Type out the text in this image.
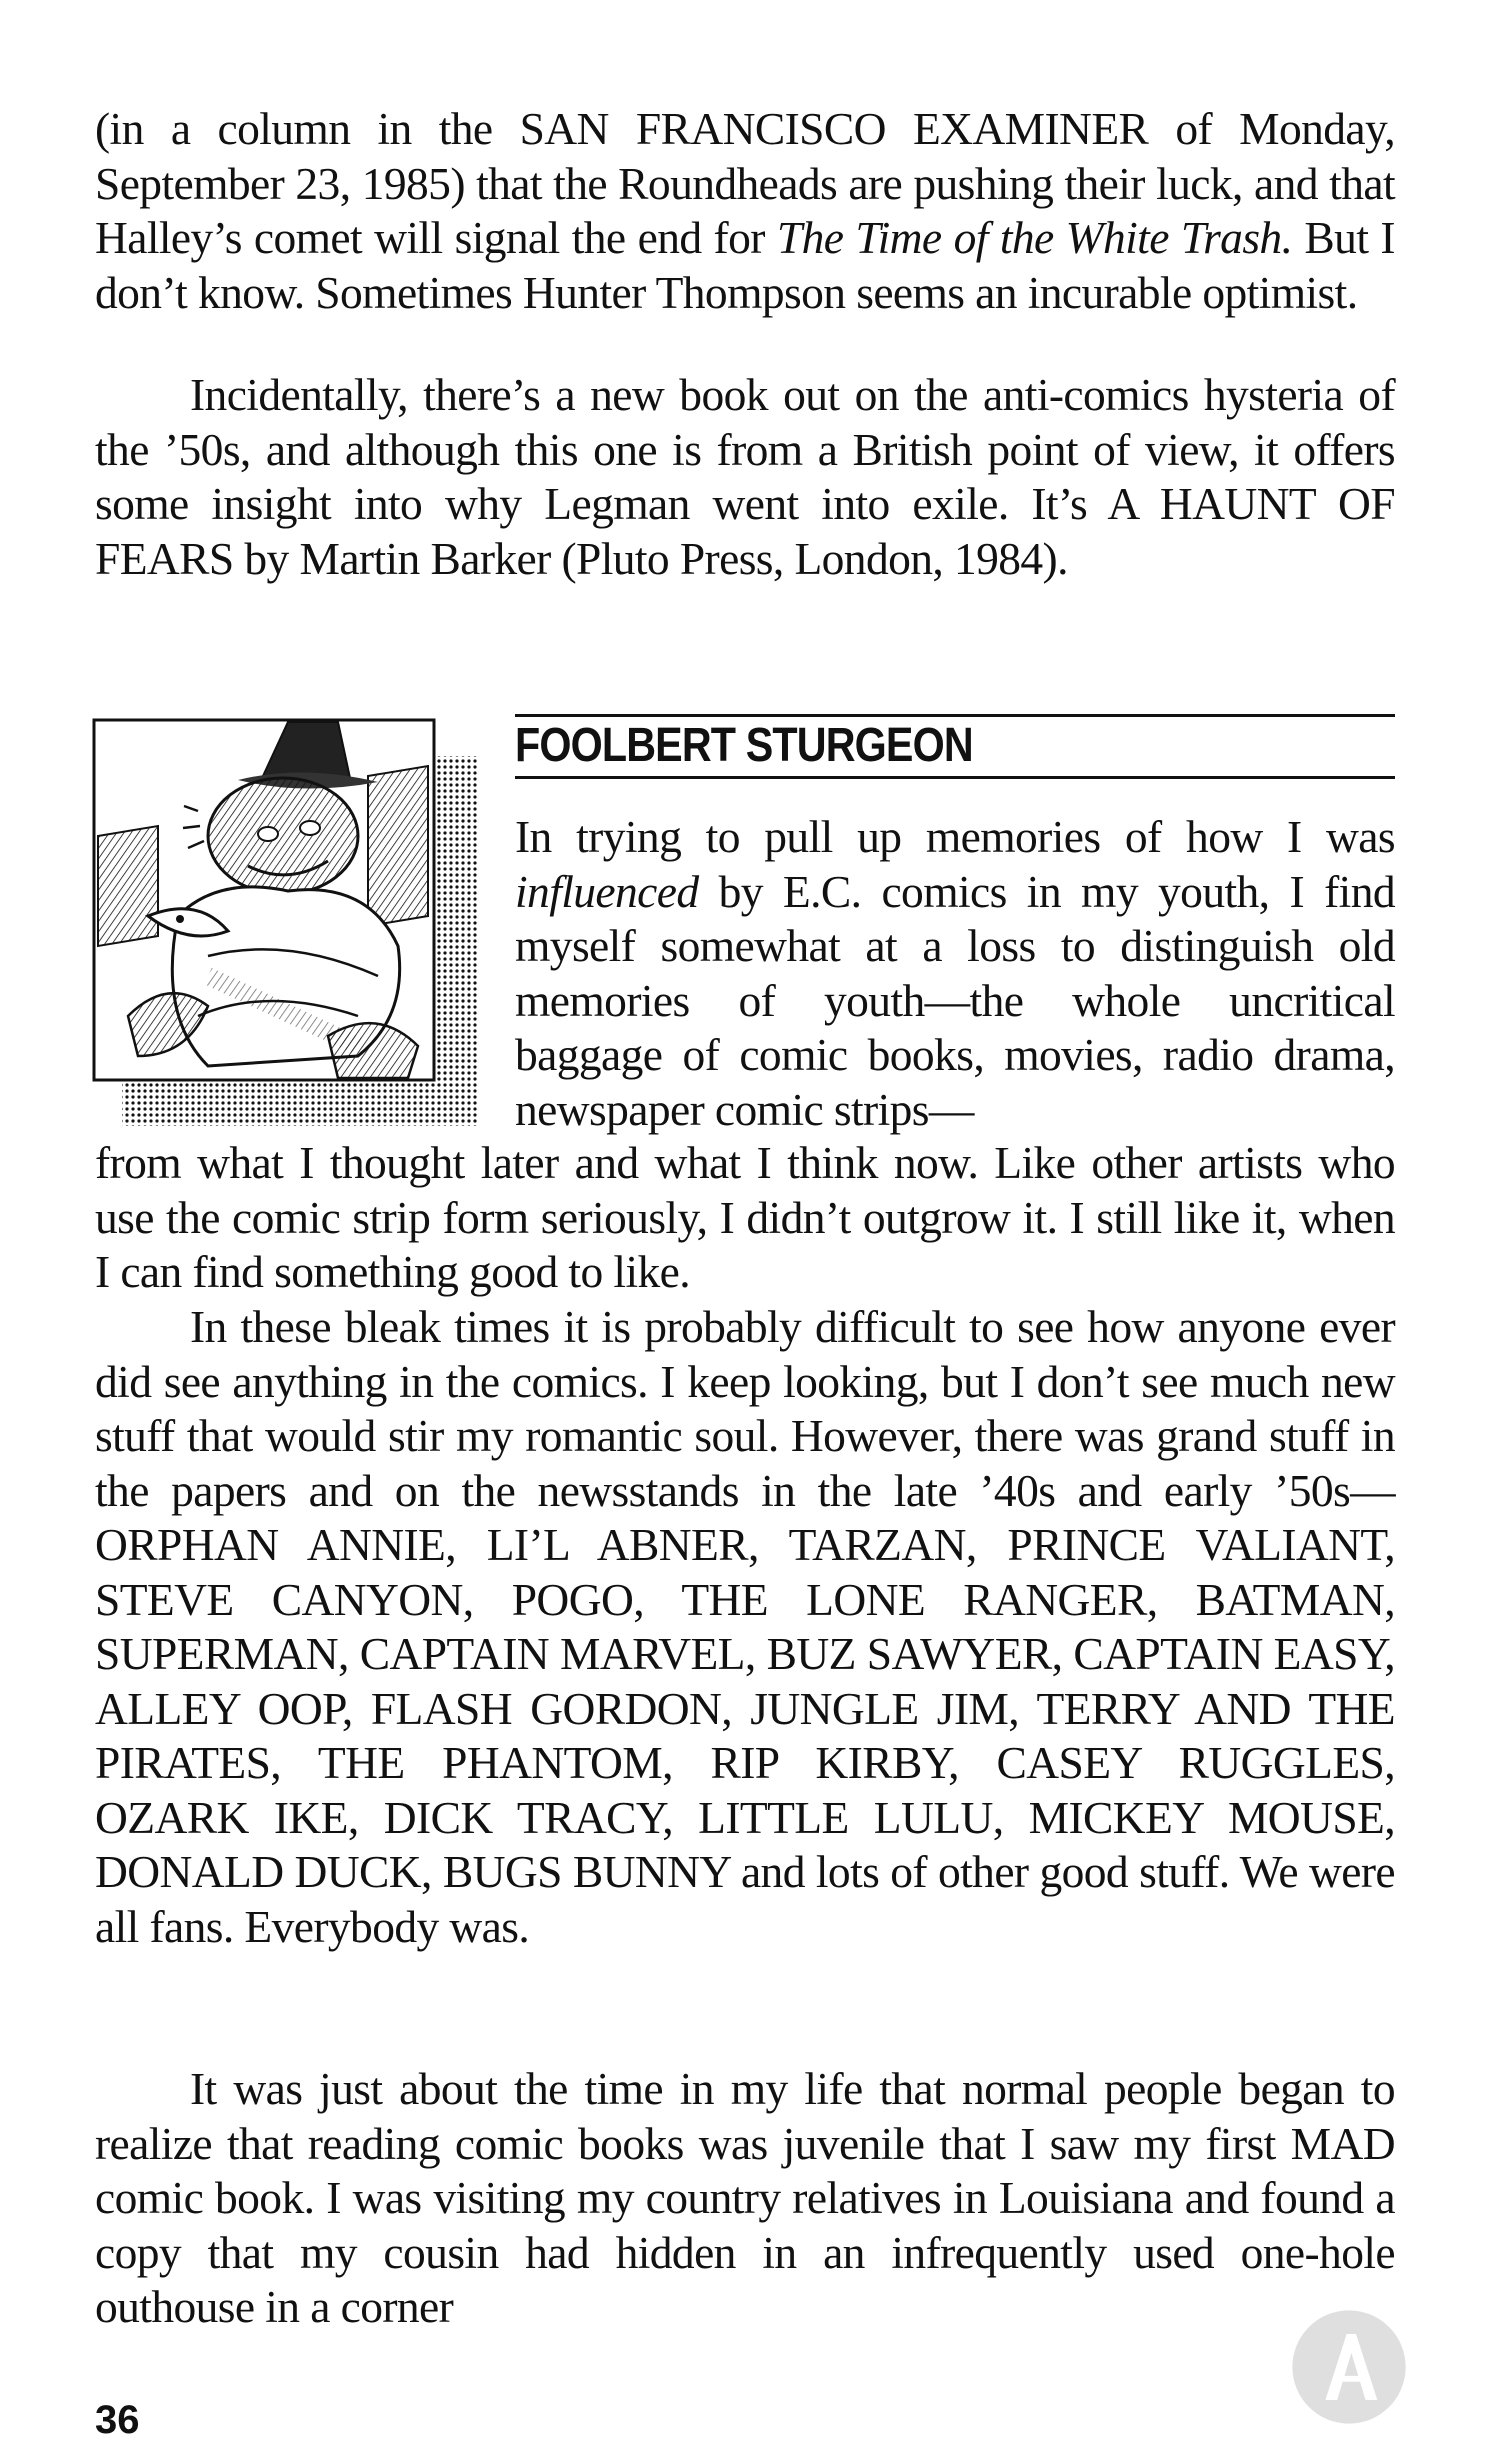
(in a column in the SAN FRANCISCO EXAMINER of Monday, September 23, 1985) that the Roundheads are pushing their luck, and that Halley’s comet will signal the end for The Time of the White Trash. But I don’t know. Sometimes Hunter Thompson seems an incurable optimist.

Incidentally, there’s a new book out on the anti-comics hysteria of the ’50s, and although this one is from a British point of view, it offers some insight into why Legman went into exile. It’s A HAUNT OF FEARS by Martin Barker (Pluto Press, London, 1984).

FOOLBERT STURGEON

In trying to pull up memories of how I was influenced by E.C. comics in my youth, I find myself somewhat at a loss to distinguish old memories of youth—the whole uncritical baggage of comic books, movies, radio drama, newspaper comic strips—

from what I thought later and what I think now. Like other artists who use the comic strip form seriously, I didn’t outgrow it. I still like it, when I can find something good to like.

In these bleak times it is probably difficult to see how anyone ever did see anything in the comics. I keep looking, but I don’t see much new stuff that would stir my romantic soul. However, there was grand stuff in the papers and on the newsstands in the late ’40s and early ’50s—ORPHAN ANNIE, LI’L ABNER, TARZAN, PRINCE VALIANT, STEVE CANYON, POGO, THE LONE RANGER, BATMAN, SUPERMAN, CAPTAIN MARVEL, BUZ SAWYER, CAPTAIN EASY, ALLEY OOP, FLASH GORDON, JUNGLE JIM, TERRY AND THE PIRATES, THE PHANTOM, RIP KIRBY, CASEY RUGGLES, OZARK IKE, DICK TRACY, LITTLE LULU, MICKEY MOUSE, DONALD DUCK, BUGS BUNNY and lots of other good stuff. We were all fans. Everybody was.

It was just about the time in my life that normal people began to realize that reading comic books was juvenile that I saw my first MAD comic book. I was visiting my country relatives in Louisiana and found a copy that my cousin had hidden in an infrequently used one-hole outhouse in a corner

36
